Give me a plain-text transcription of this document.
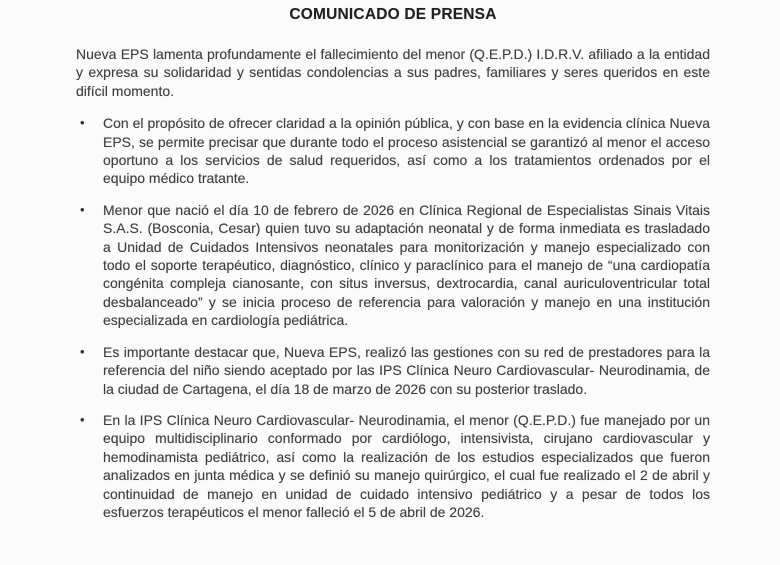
COMUNICADO DE PRENSA

Nueva EPS lamenta profundamente el fallecimiento del menor (Q.E.P.D.) I.D.R.V. afiliado a la entidad y expresa su solidaridad y sentidas condolencias a sus padres, familiares y seres queridos en este difícil momento.

• Con el propósito de ofrecer claridad a la opinión pública, y con base en la evidencia clínica Nueva EPS, se permite precisar que durante todo el proceso asistencial se garantizó al menor el acceso oportuno a los servicios de salud requeridos, así como a los tratamientos ordenados por el equipo médico tratante.
• Menor que nació el día 10 de febrero de 2026 en Clínica Regional de Especialistas Sinais Vitais S.A.S. (Bosconia, Cesar) quien tuvo su adaptación neonatal y de forma inmediata es trasladado a Unidad de Cuidados Intensivos neonatales para monitorización y manejo especializado con todo el soporte terapéutico, diagnóstico, clínico y paraclínico para el manejo de “una cardiopatía congénita compleja cianosante, con situs inversus, dextrocardia, canal auriculoventricular total desbalanceado” y se inicia proceso de referencia para valoración y manejo en una institución especializada en cardiología pediátrica.
• Es importante destacar que, Nueva EPS, realizó las gestiones con su red de prestadores para la referencia del niño siendo aceptado por las IPS Clínica Neuro Cardiovascular- Neurodinamia, de la ciudad de Cartagena, el día 18 de marzo de 2026 con su posterior traslado.
• En la IPS Clínica Neuro Cardiovascular- Neurodinamia, el menor (Q.E.P.D.) fue manejado por un equipo multidisciplinario conformado por cardiólogo, intensivista, cirujano cardiovascular y hemodinamista pediátrico, así como la realización de los estudios especializados que fueron analizados en junta médica y se definió su manejo quirúrgico, el cual fue realizado el 2 de abril y continuidad de manejo en unidad de cuidado intensivo pediátrico y a pesar de todos los esfuerzos terapéuticos el menor falleció el 5 de abril de 2026.
